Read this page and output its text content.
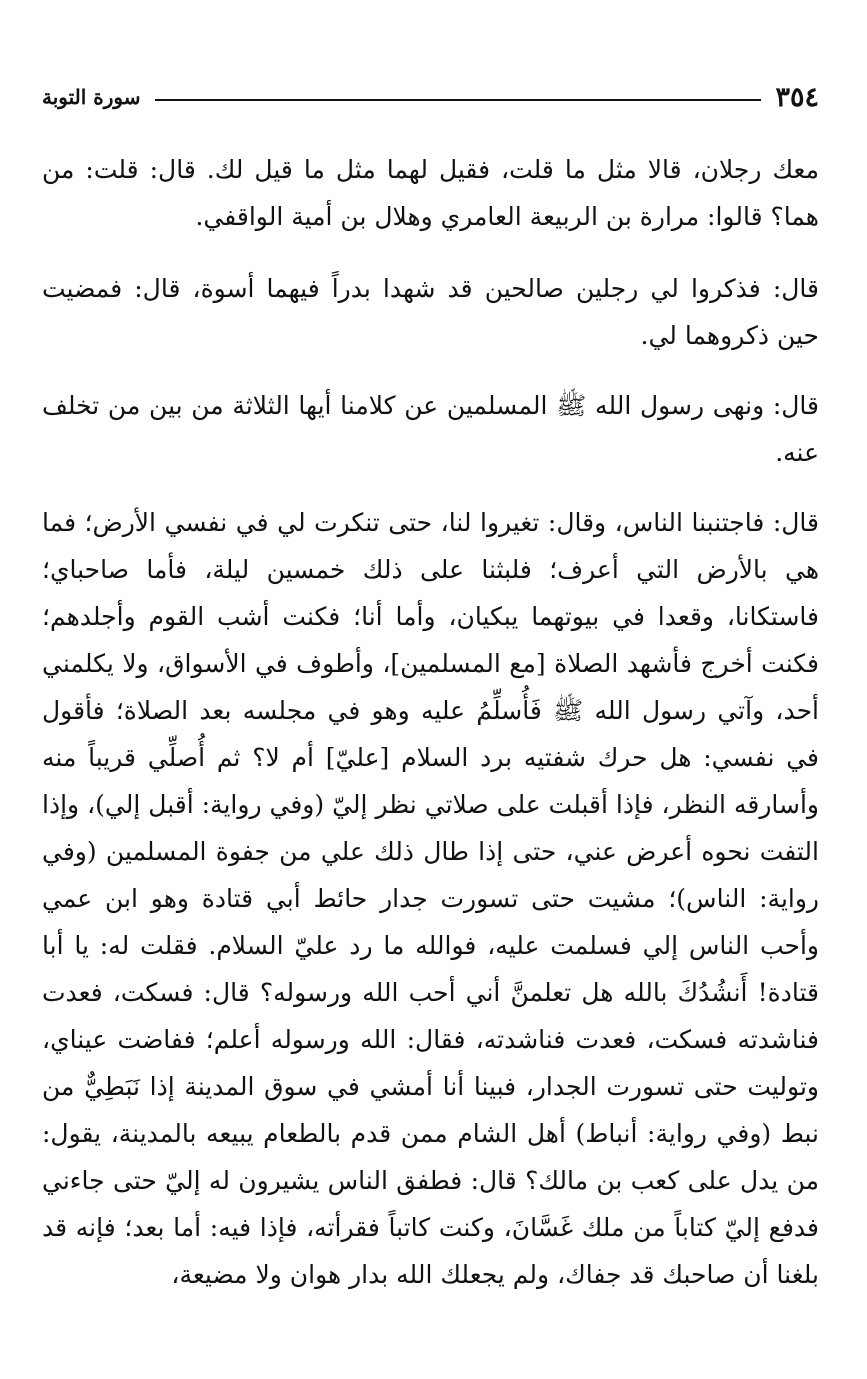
٣٥٤
سورة التوبة

معك رجلان، قالا مثل ما قلت، فقيل لهما مثل ما قيل لك. قال: قلت: من هما؟ قالوا: مرارة بن الربيعة العامري وهلال بن أمية الواقفي.

قال: فذكروا لي رجلين صالحين قد شهدا بدراً فيهما أسوة، قال: فمضيت حين ذكروهما لي.

قال: ونهى رسول الله ﷺ المسلمين عن كلامنا أيها الثلاثة من بين من تخلف عنه.

قال: فاجتنبنا الناس، وقال: تغيروا لنا، حتى تنكرت لي في نفسي الأرض؛ فما هي بالأرض التي أعرف؛ فلبثنا على ذلك خمسين ليلة، فأما صاحباي؛ فاستكانا، وقعدا في بيوتهما يبكيان، وأما أنا؛ فكنت أشب القوم وأجلدهم؛ فكنت أخرج فأشهد الصلاة [مع المسلمين]، وأطوف في الأسواق، ولا يكلمني أحد، وآتي رسول الله ﷺ فَأُسلِّمُ عليه وهو في مجلسه بعد الصلاة؛ فأقول في نفسي: هل حرك شفتيه برد السلام [عليّ] أم لا؟ ثم أُصلِّي قريباً منه وأسارقه النظر، فإذا أقبلت على صلاتي نظر إليّ (وفي رواية: أقبل إلي)، وإذا التفت نحوه أعرض عني، حتى إذا طال ذلك علي من جفوة المسلمين (وفي رواية: الناس)؛ مشيت حتى تسورت جدار حائط أبي قتادة وهو ابن عمي وأحب الناس إلي فسلمت عليه، فوالله ما رد عليّ السلام. فقلت له: يا أبا قتادة! أَنشُدُكَ بالله هل تعلمنَّ أني أحب الله ورسوله؟ قال: فسكت، فعدت فناشدته فسكت، فعدت فناشدته، فقال: الله ورسوله أعلم؛ ففاضت عيناي، وتوليت حتى تسورت الجدار، فبينا أنا أمشي في سوق المدينة إذا نَبَطِيٌّ من نبط (وفي رواية: أنباط) أهل الشام ممن قدم بالطعام يبيعه بالمدينة، يقول: من يدل على كعب بن مالك؟ قال: فطفق الناس يشيرون له إليّ حتى جاءني فدفع إليّ كتاباً من ملك غَسَّانَ، وكنت كاتباً فقرأته، فإذا فيه: أما بعد؛ فإنه قد بلغنا أن صاحبك قد جفاك، ولم يجعلك الله بدار هوان ولا مضيعة،
